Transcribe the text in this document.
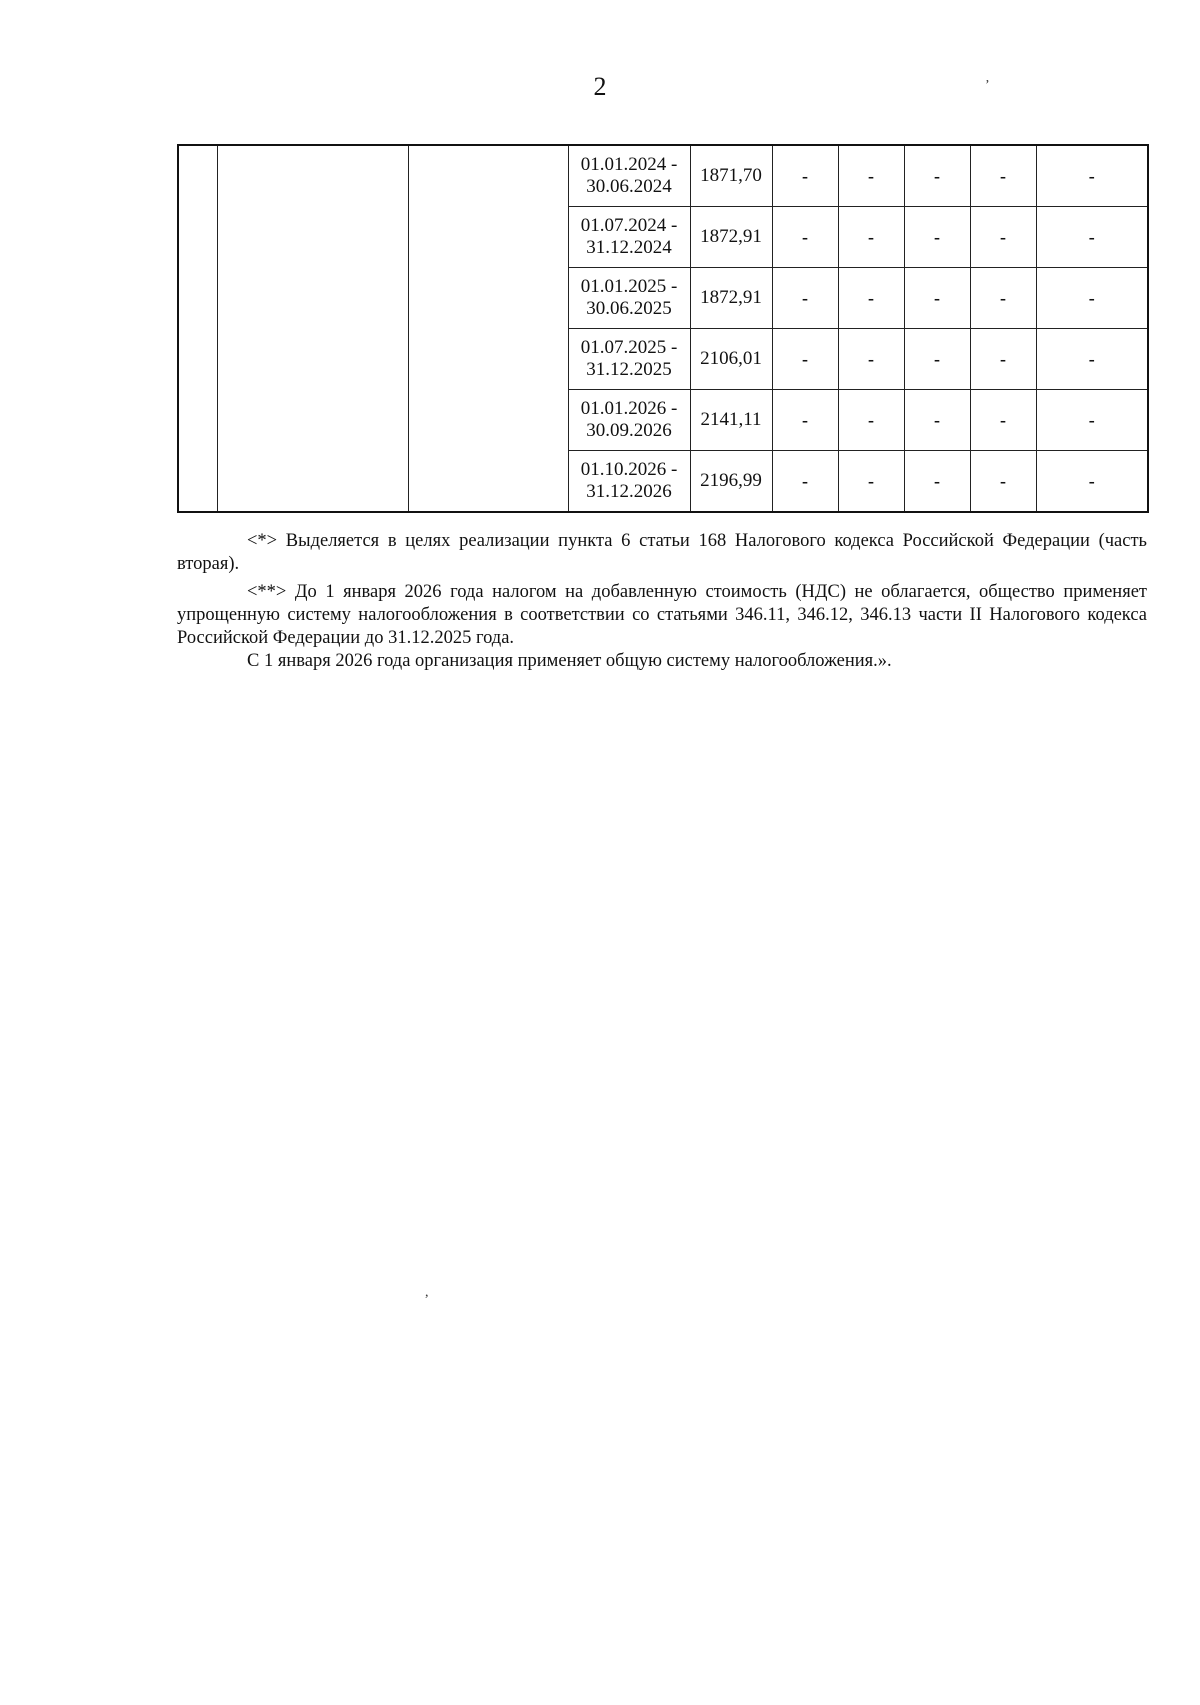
2	’

			01.01.2024 -
30.06.2024	1871,70	-	-	-	-	-

			01.07.2024 -
31.12.2024	1872,91	-	-	-	-	-

			01.01.2025 -
30.06.2025	1872,91	-	-	-	-	-

			01.07.2025 -
31.12.2025	2106,01	-	-	-	-	-

			01.01.2026 -
30.09.2026	2141,11	-	-	-	-	-

			01.10.2026 -
31.12.2026	2196,99	-	-	-	-	-

<*> Выделяется в целях реализации пункта 6 статьи 168 Налогового кодекса Российской Федерации (часть вторая).

<**> До 1 января 2026 года налогом на добавленную стоимость (НДС) не облагается, общество применяет упрощенную систему налогообложения в соответствии со статьями 346.11, 346.12, 346.13 части II Налогового кодекса Российской Федерации до 31.12.2025 года.

С 1 января 2026 года организация применяет общую систему налогообложения.».

,
